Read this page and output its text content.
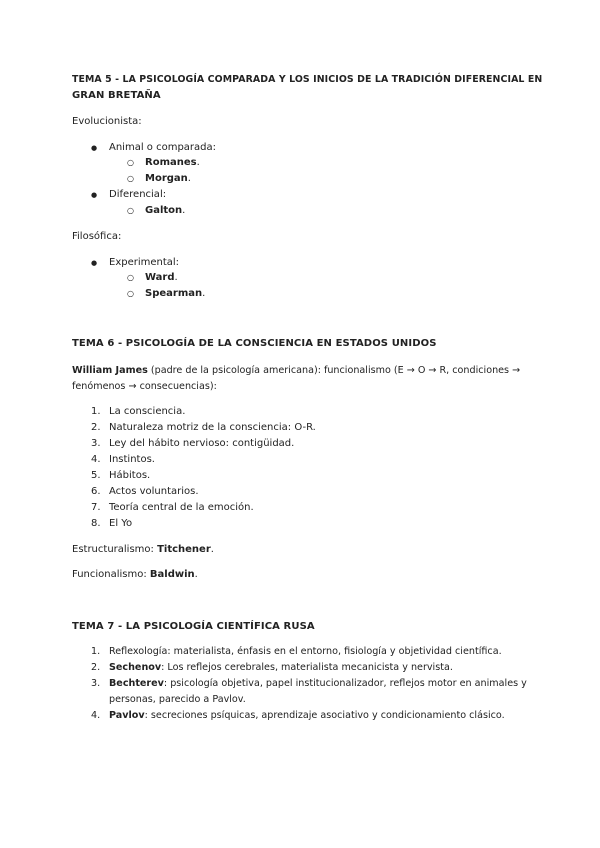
TEMA 5 - LA PSICOLOGÍA COMPARADA Y LOS INICIOS DE LA TRADICIÓN DIFERENCIAL EN
GRAN BRETAÑA
Evolucionista:
Animal o comparada:
○ Romanes.
○ Morgan.
Diferencial:
○ Galton.
Filosófica:
Experimental:
○ Ward.
○ Spearman.
TEMA 6 - PSICOLOGÍA DE LA CONSCIENCIA EN ESTADOS UNIDOS
William James (padre de la psicología americana): funcionalismo (E → O → R, condiciones →
fenómenos → consecuencias):
1. La consciencia.
2. Naturaleza motriz de la consciencia: O-R.
3. Ley del hábito nervioso: contigüidad.
4. Instintos.
5. Hábitos.
6. Actos voluntarios.
7. Teoría central de la emoción.
8. El Yo
Estructuralismo: Titchener.
Funcionalismo: Baldwin.
TEMA 7 - LA PSICOLOGÍA CIENTÍFICA RUSA
1. Reflexología: materialista, énfasis en el entorno, fisiología y objetividad científica.
2. Sechenov: Los reflejos cerebrales, materialista mecanicista y nervista.
3. Bechterev: psicología objetiva, papel institucionalizador, reflejos motor en animales y
personas, parecido a Pavlov.
4. Pavlov: secreciones psíquicas, aprendizaje asociativo y condicionamiento clásico.
